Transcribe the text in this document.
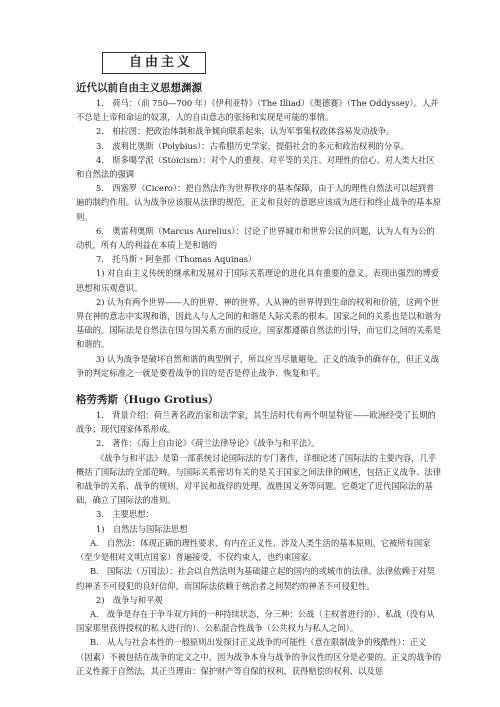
自由主义
近代以前自由主义思想渊源

1.　荷马：（前 750—700 年）《伊利亚特》（The Illiad）《奥德赛》（The Oddyssey）。人并不总是上帝和命运的奴隶，人的自由意志的张扬和实现是可能的事情。

2.　柏拉图：把政治体制和战争倾向联系起来，认为军事集权政体容易发动战争。

3.　波利比奥斯（Polybius）：古希腊历史学家，提倡社会的多元和政治权利的分享。

4.　斯多噶学派（Stoicism）：对个人的重视、对平等的关注、对理性的信心、对人类大社区和自然法的强调

5.　西塞罗（Cicero）：把自然法作为世界秩序的基本保障，由于人的理性自然法可以起到普遍的制约作用。认为战争应该服从法律的规范，正义和良好的意愿应该成为进行和终止战争的基本原则。

6.　奥雷利奥斯（Marcus Aurelius）：讨论了世界城市和世界公民的问题，认为人有为公的动机，所有人的利益在本质上是和谐的

7.　托马斯・阿奎那（Thomas Aquinas）

1) 对自由主义传统的继承和发展对于国际关系理论的进化具有重要的意义。表现出强烈的博爱思想和乐观意识。

2) 认为有两个世界——人的世界、神的世界。人从神的世界得到生命的权利和价值，这两个世界在神的意志中实现和谐，因此人与人之间的和谐是人际关系的根本。国家之间的关系也是以和谐为基础的。国际法是自然法在国与国关系方面的反应，国家都遵循自然法的引导，而它们之间的关系是和谐的。

3) 认为战争是破坏自然和谐的典型例子，所以应当尽量避免。正义的战争的确存在，但正义战争的判定标准之一就是要看战争的目的是否是停止战争、恢复和平。

格劳秀斯（Hugo Grotius）

1.　背景介绍：荷兰著名政治家和法学家，其生活时代有两个明显特征——欧洲经受了长期的战争；现代国家体系形成。

2.　著作：《海上自由论》《荷兰法律导论》《战争与和平法》。

《战争与和平法》是第一部系统讨论国际法的专门著作，详细论述了国际法的主要内容，几乎概括了国际法的全部范畴。与国际关系密切有关的是关于国家之间法律的阐述，包括正义战争、法律和战争的关系、战争的规则、对平民和战俘的处理、战胜国义务等问题。它奠定了近代国际法的基础，确立了国际法的准则。

3.　主要思想：

1)　自然法与国际法思想

A.　自然法：体现正确的理性要求、有内在正义性、涉及人类生活的基本原则。它被所有国家（至少是相对文明点国家）普遍接受，不仅约束人，也约束国家。

B.　国际法（万国法）：社会以自然法则为基础建立起的国内的或城市的法律。法律依赖于对契约神圣不可侵犯的良好信仰，而国际法依赖于统治者之间契约的神圣不可侵犯性。

2)　战争与和平观

A.　战争是存在于争斗双方间的一种持续状态，分三种：公战（主权者进行的）、私战（没有从国家那里获得授权的私人进行的）、公私混合性战争（公共权力与私人之间）。

B.　从人与社会本性的一般原则出发探讨正义战争的可能性（意在限制战争的残酷性）：正义（因素）不被包括在战争的定义之中，因为战争本身与战争的争议性的区分是必要的。正义的战争的正义性源于自然法，其正当理由：保护财产等自保的权利、获得赔偿的权利、以及惩
